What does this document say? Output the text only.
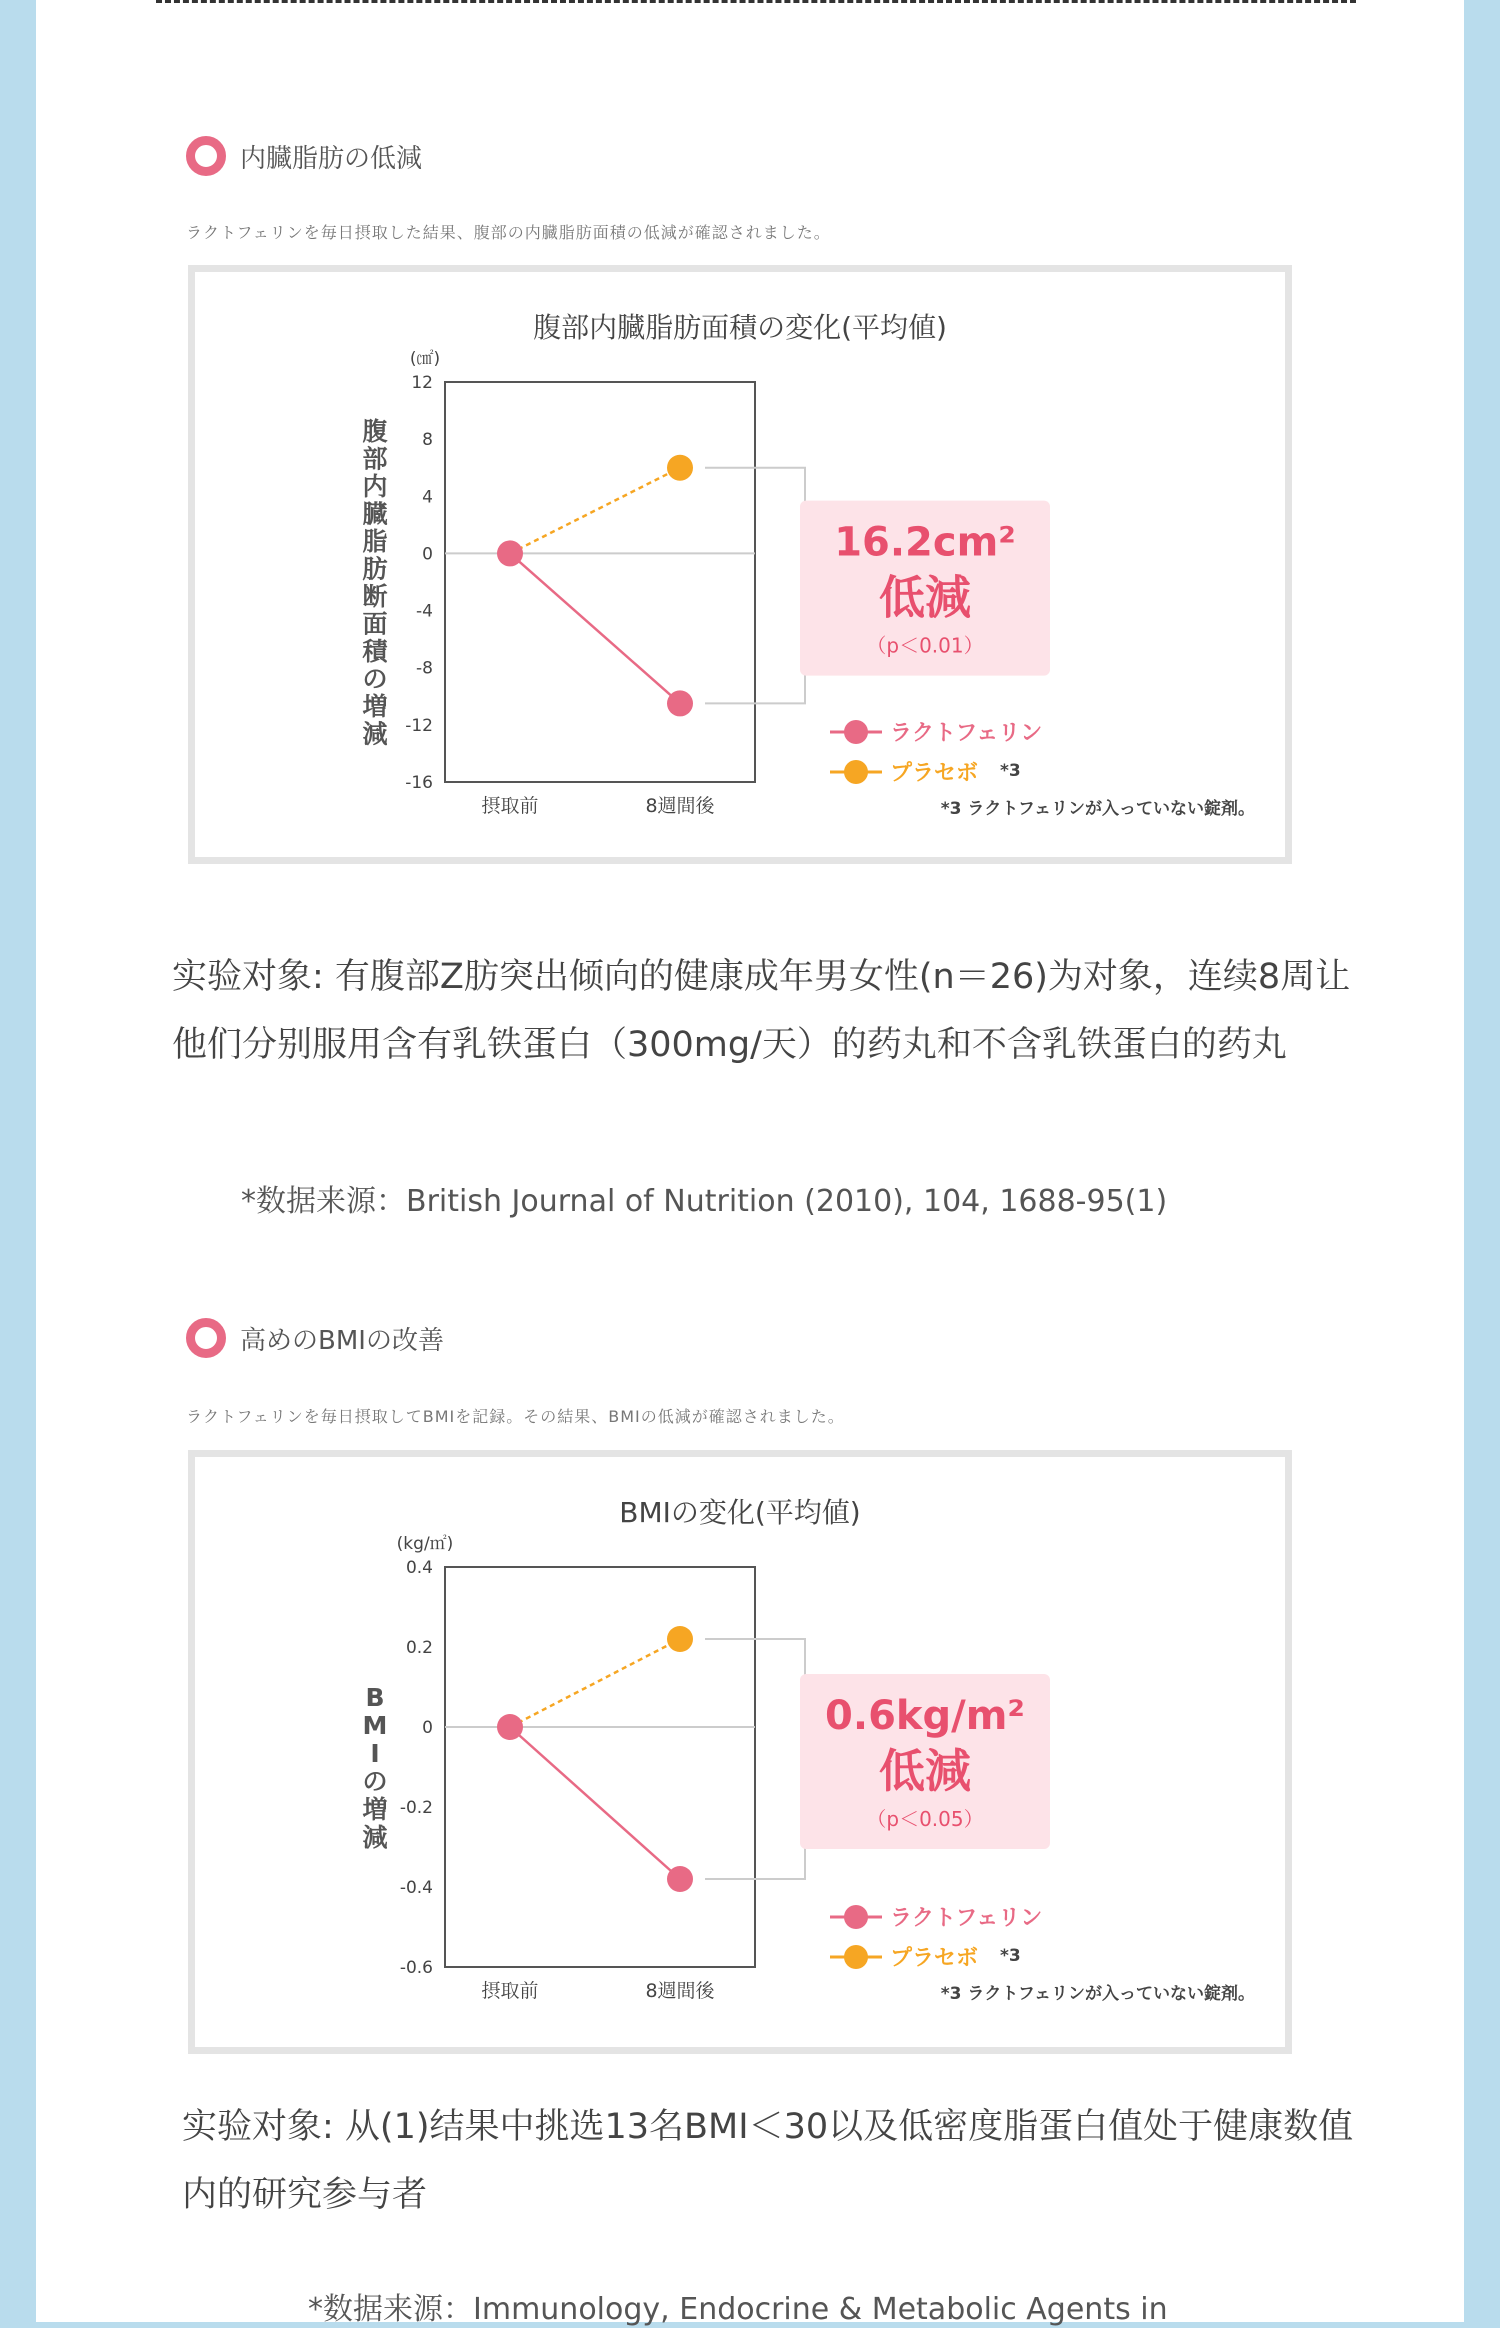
内臓脂肪の低減
ラクトフェリンを毎日摂取した結果、腹部の内臓脂肪面積の低減が確認されました。
腹部内臓脂肪面積の変化(平均値)
(㎠)
12
8
4
0
-4
-8
-12
-16
摂取前	8週間後
腹
部
内
臓
脂
肪
断
面
積
の
増
減
16.2cm²
低減
（p＜0.01）
ラクトフェリン
プラセボ *3
*3 ラクトフェリンが入っていない錠剤。
实验对象: 有腹部Z肪突出倾向的健康成年男女性(n＝26)为对象，连续8周让他们分别服用含有乳铁蛋白（300mg/天）的药丸和不含乳铁蛋白的药丸
*数据来源：British Journal of Nutrition (2010), 104, 1688-95(1)
高めのBMIの改善
ラクトフェリンを毎日摂取してBMIを記録。その結果、BMIの低減が確認されました。
BMIの変化(平均値)
(kg/㎡)
0.4
0.2
0
-0.2
-0.4
-0.6
摂取前	8週間後
B
M
I
の
増
減
0.6kg/m²
低減
（p＜0.05）
ラクトフェリン
プラセボ *3
*3 ラクトフェリンが入っていない錠剤。
实验对象: 从(1)结果中挑选13名BMI＜30以及低密度脂蛋白值处于健康数值内的研究参与者
*数据来源：Immunology, Endocrine & Metabolic Agents in
